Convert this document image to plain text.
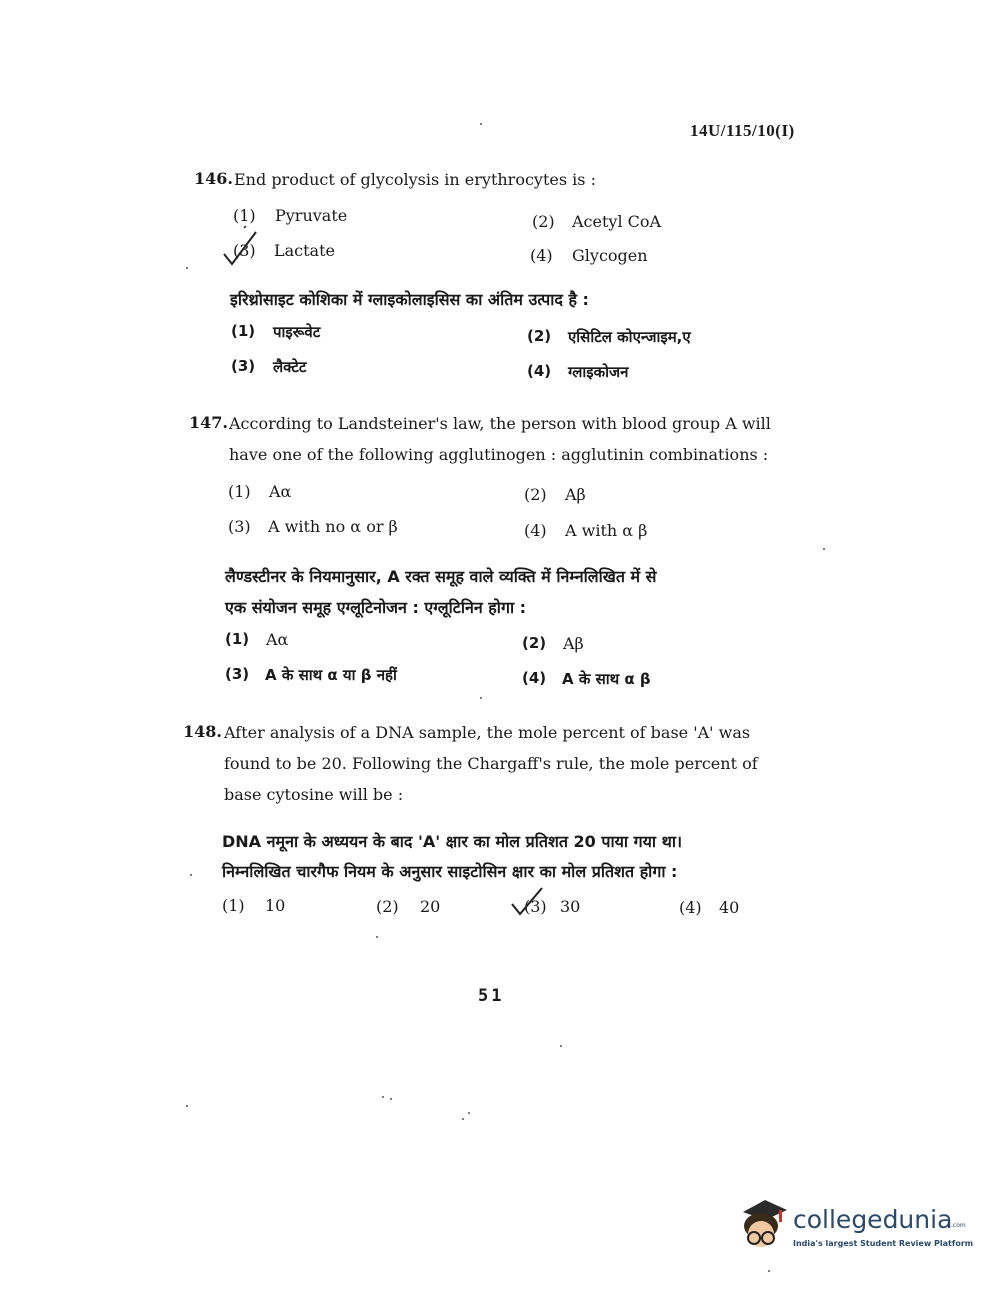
14U/115/10(I)
146. End product of glycolysis in erythrocytes is :
(1) Pyruvate	(2) Acetyl CoA
(3) Lactate	(4) Glycogen
इरिथ्रोसाइट कोशिका में ग्लाइकोलाइसिस का अंतिम उत्पाद है :
(1) पाइरूवेट	(2) एसिटिल कोएन्जाइम,ए
(3) लैक्टेट	(4) ग्लाइकोजन
147. According to Landsteiner's law, the person with blood group A will
have one of the following agglutinogen : agglutinin combinations :
(1) Aα	(2) Aβ
(3) A with no α or β	(4) A with α β
लैण्डस्टीनर के नियमानुसार, A रक्त समूह वाले व्यक्ति में निम्नलिखित में से
एक संयोजन समूह एग्लूटिनोजन : एग्लूटिनिन होगा :
(1) Aα	(2) Aβ
(3) A के साथ α या β नहीं	(4) A के साथ α β
148. After analysis of a DNA sample, the mole percent of base 'A' was
found to be 20. Following the Chargaff's rule, the mole percent of
base cytosine will be :
DNA नमूना के अध्ययन के बाद 'A' क्षार का मोल प्रतिशत 20 पाया गया था।
निम्नलिखित चारगैफ नियम के अनुसार साइटोसिन क्षार का मोल प्रतिशत होगा :
(1) 10	(2) 20	(3) 30	(4) 40
51
collegedunia
.com
India's largest Student Review Platform
